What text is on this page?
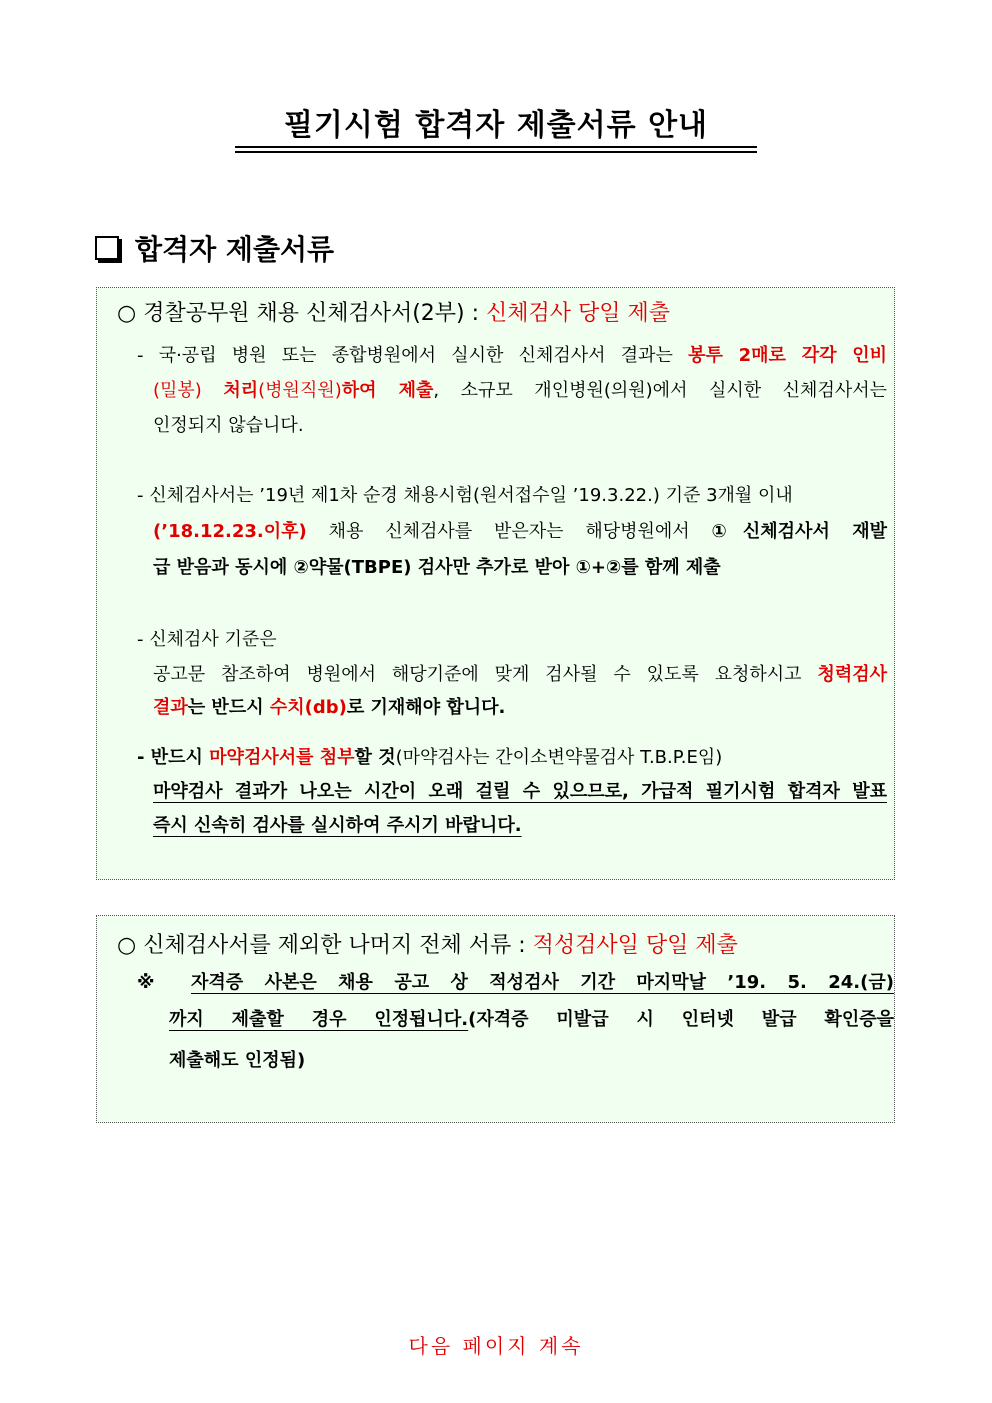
필기시험 합격자 제출서류 안내
합격자 제출서류
○ 경찰공무원 채용 신체검사서(2부) : 신체검사 당일 제출
- 국·공립 병원 또는 종합병원에서 실시한 신체검사서 결과는 봉투 2매로 각각 인비
(밀봉) 처리(병원직원)하여 제출, 소규모 개인병원(의원)에서 실시한 신체검사서는
인정되지 않습니다.
- 신체검사서는 ’19년 제1차 순경 채용시험(원서접수일 ’19.3.22.) 기준 3개월 이내
(’18.12.23.이후) 채용 신체검사를 받은자는 해당병원에서 ①신체검사서 재발
급 받음과 동시에 ②약물(TBPE) 검사만 추가로 받아 ①+②를 함께 제출
- 신체검사 기준은
공고문 참조하여 병원에서 해당기준에 맞게 검사될 수 있도록 요청하시고 청력검사
결과는 반드시 수치(db)로 기재해야 합니다.
- 반드시 마약검사서를 첨부할 것(마약검사는 간이소변약물검사 T.B.P.E임)
마약검사 결과가 나오는 시간이 오래 걸릴 수 있으므로, 가급적 필기시험 합격자 발표
즉시 신속히 검사를 실시하여 주시기 바랍니다.
○ 신체검사서를 제외한 나머지 전체 서류 : 적성검사일 당일 제출
※ 자격증 사본은 채용 공고 상 적성검사 기간 마지막날 ’19. 5. 24.(금)
까지 제출할 경우 인정됩니다.(자격증 미발급 시 인터넷 발급 확인증을
제출해도 인정됨)
다음 페이지 계속
